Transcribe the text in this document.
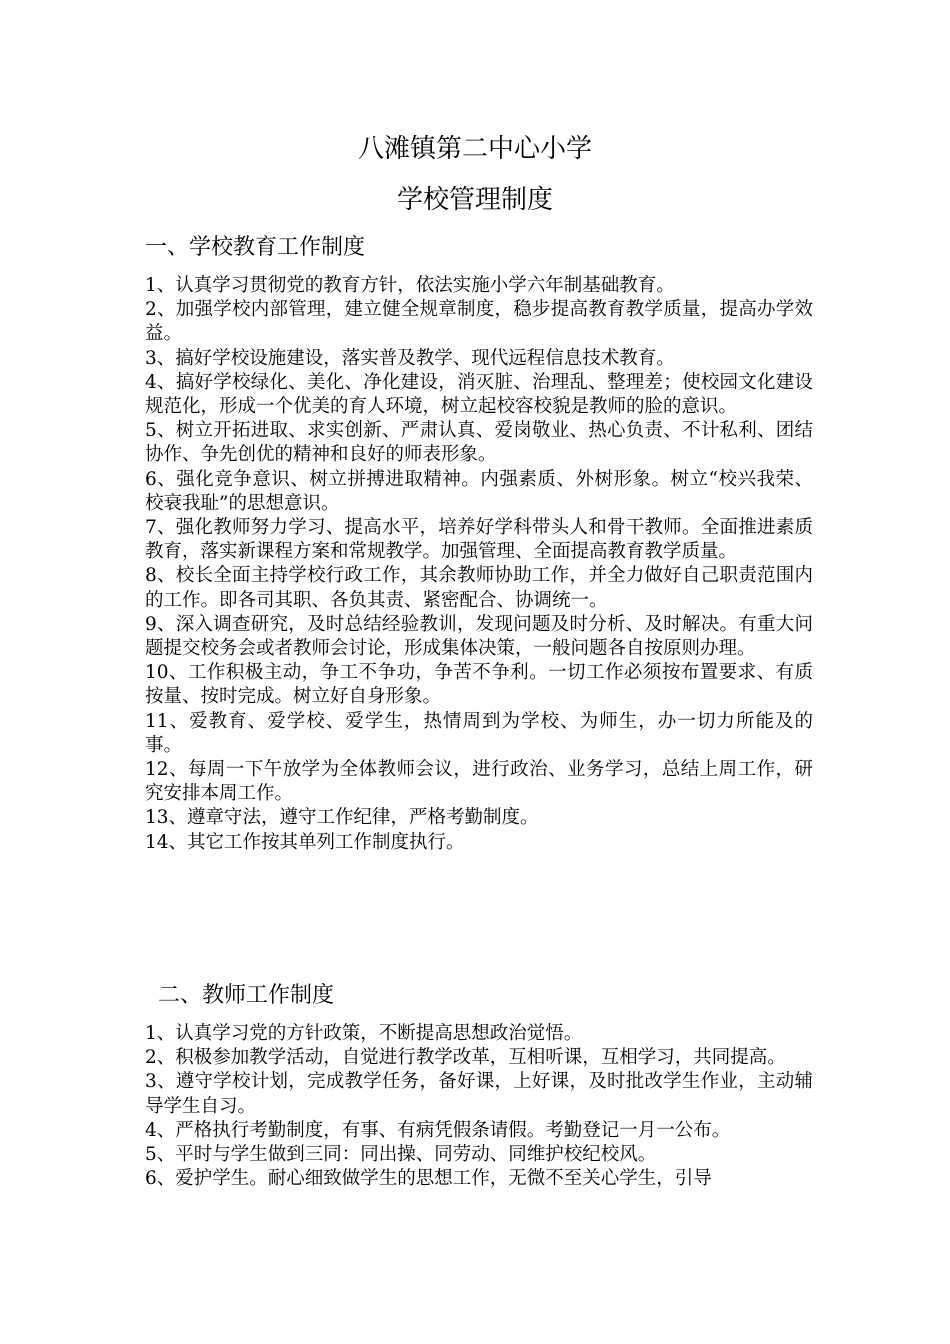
八滩镇第二中心小学
学校管理制度
一、学校教育工作制度
1、认真学习贯彻党的教育方针，依法实施小学六年制基础教育。
2、加强学校内部管理，建立健全规章制度，稳步提高教育教学质量，提高办学效益。
3、搞好学校设施建设，落实普及教学、现代远程信息技术教育。
4、搞好学校绿化、美化、净化建设，消灭脏、治理乱、整理差；使校园文化建设规范化，形成一个优美的育人环境，树立起校容校貌是教师的脸的意识。
5、树立开拓进取、求实创新、严肃认真、爱岗敬业、热心负责、不计私利、团结协作、争先创优的精神和良好的师表形象。
6、强化竞争意识、树立拼搏进取精神。内强素质、外树形象。树立“校兴我荣、校衰我耻”的思想意识。
7、强化教师努力学习、提高水平，培养好学科带头人和骨干教师。全面推进素质教育，落实新课程方案和常规教学。加强管理、全面提高教育教学质量。
8、校长全面主持学校行政工作，其余教师协助工作，并全力做好自己职责范围内的工作。即各司其职、各负其责、紧密配合、协调统一。
9、深入调查研究，及时总结经验教训，发现问题及时分析、及时解决。有重大问题提交校务会或者教师会讨论，形成集体决策，一般问题各自按原则办理。
10、工作积极主动，争工不争功，争苦不争利。一切工作必须按布置要求、有质按量、按时完成。树立好自身形象。
11、爱教育、爱学校、爱学生，热情周到为学校、为师生，办一切力所能及的事。
12、每周一下午放学为全体教师会议，进行政治、业务学习，总结上周工作，研究安排本周工作。
13、遵章守法，遵守工作纪律，严格考勤制度。
14、其它工作按其单列工作制度执行。
二、教师工作制度
1、认真学习党的方针政策，不断提高思想政治觉悟。
2、积极参加教学活动，自觉进行教学改革，互相听课，互相学习，共同提高。
3、遵守学校计划，完成教学任务，备好课，上好课，及时批改学生作业，主动辅导学生自习。
4、严格执行考勤制度，有事、有病凭假条请假。考勤登记一月一公布。
5、平时与学生做到三同：同出操、同劳动、同维护校纪校风。
6、爱护学生。耐心细致做学生的思想工作，无微不至关心学生，引导
